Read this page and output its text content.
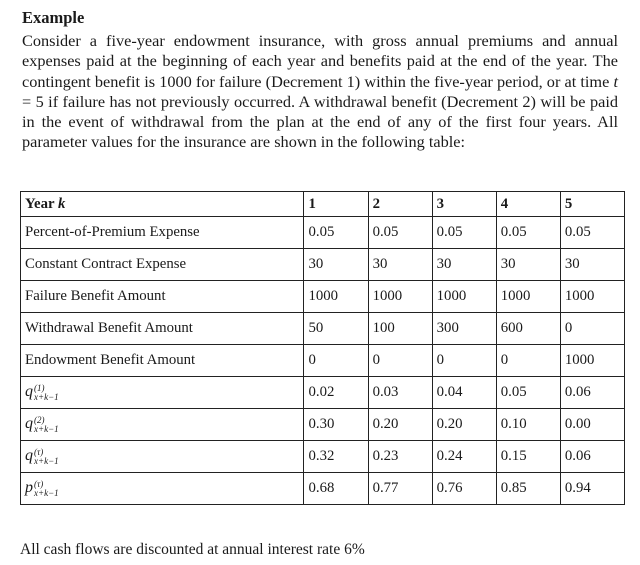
Example
Consider a five-year endowment insurance, with gross annual premiums and annual expenses paid at the beginning of each year and benefits paid at the end of the year. The contingent benefit is 1000 for failure (Decrement 1) within the five-year period, or at time t = 5 if failure has not previously occurred. A withdrawal benefit (Decrement 2) will be paid in the event of withdrawal from the plan at the end of any of the first four years. All parameter values for the insurance are shown in the following table:
Year k	1	2	3	4	5
Percent-of-Premium Expense	0.05	0.05	0.05	0.05	0.05
Constant Contract Expense	30	30	30	30	30
Failure Benefit Amount	1000	1000	1000	1000	1000
Withdrawal Benefit Amount	50	100	300	600	0
Endowment Benefit Amount	0	0	0	0	1000
q (1)
x+k−1	0.02	0.03	0.04	0.05	0.06
q (2)
x+k−1	0.30	0.20	0.20	0.10	0.00
q (τ)
x+k−1	0.32	0.23	0.24	0.15	0.06
p (τ)
x+k−1	0.68	0.77	0.76	0.85	0.94
All cash flows are discounted at annual interest rate 6%
